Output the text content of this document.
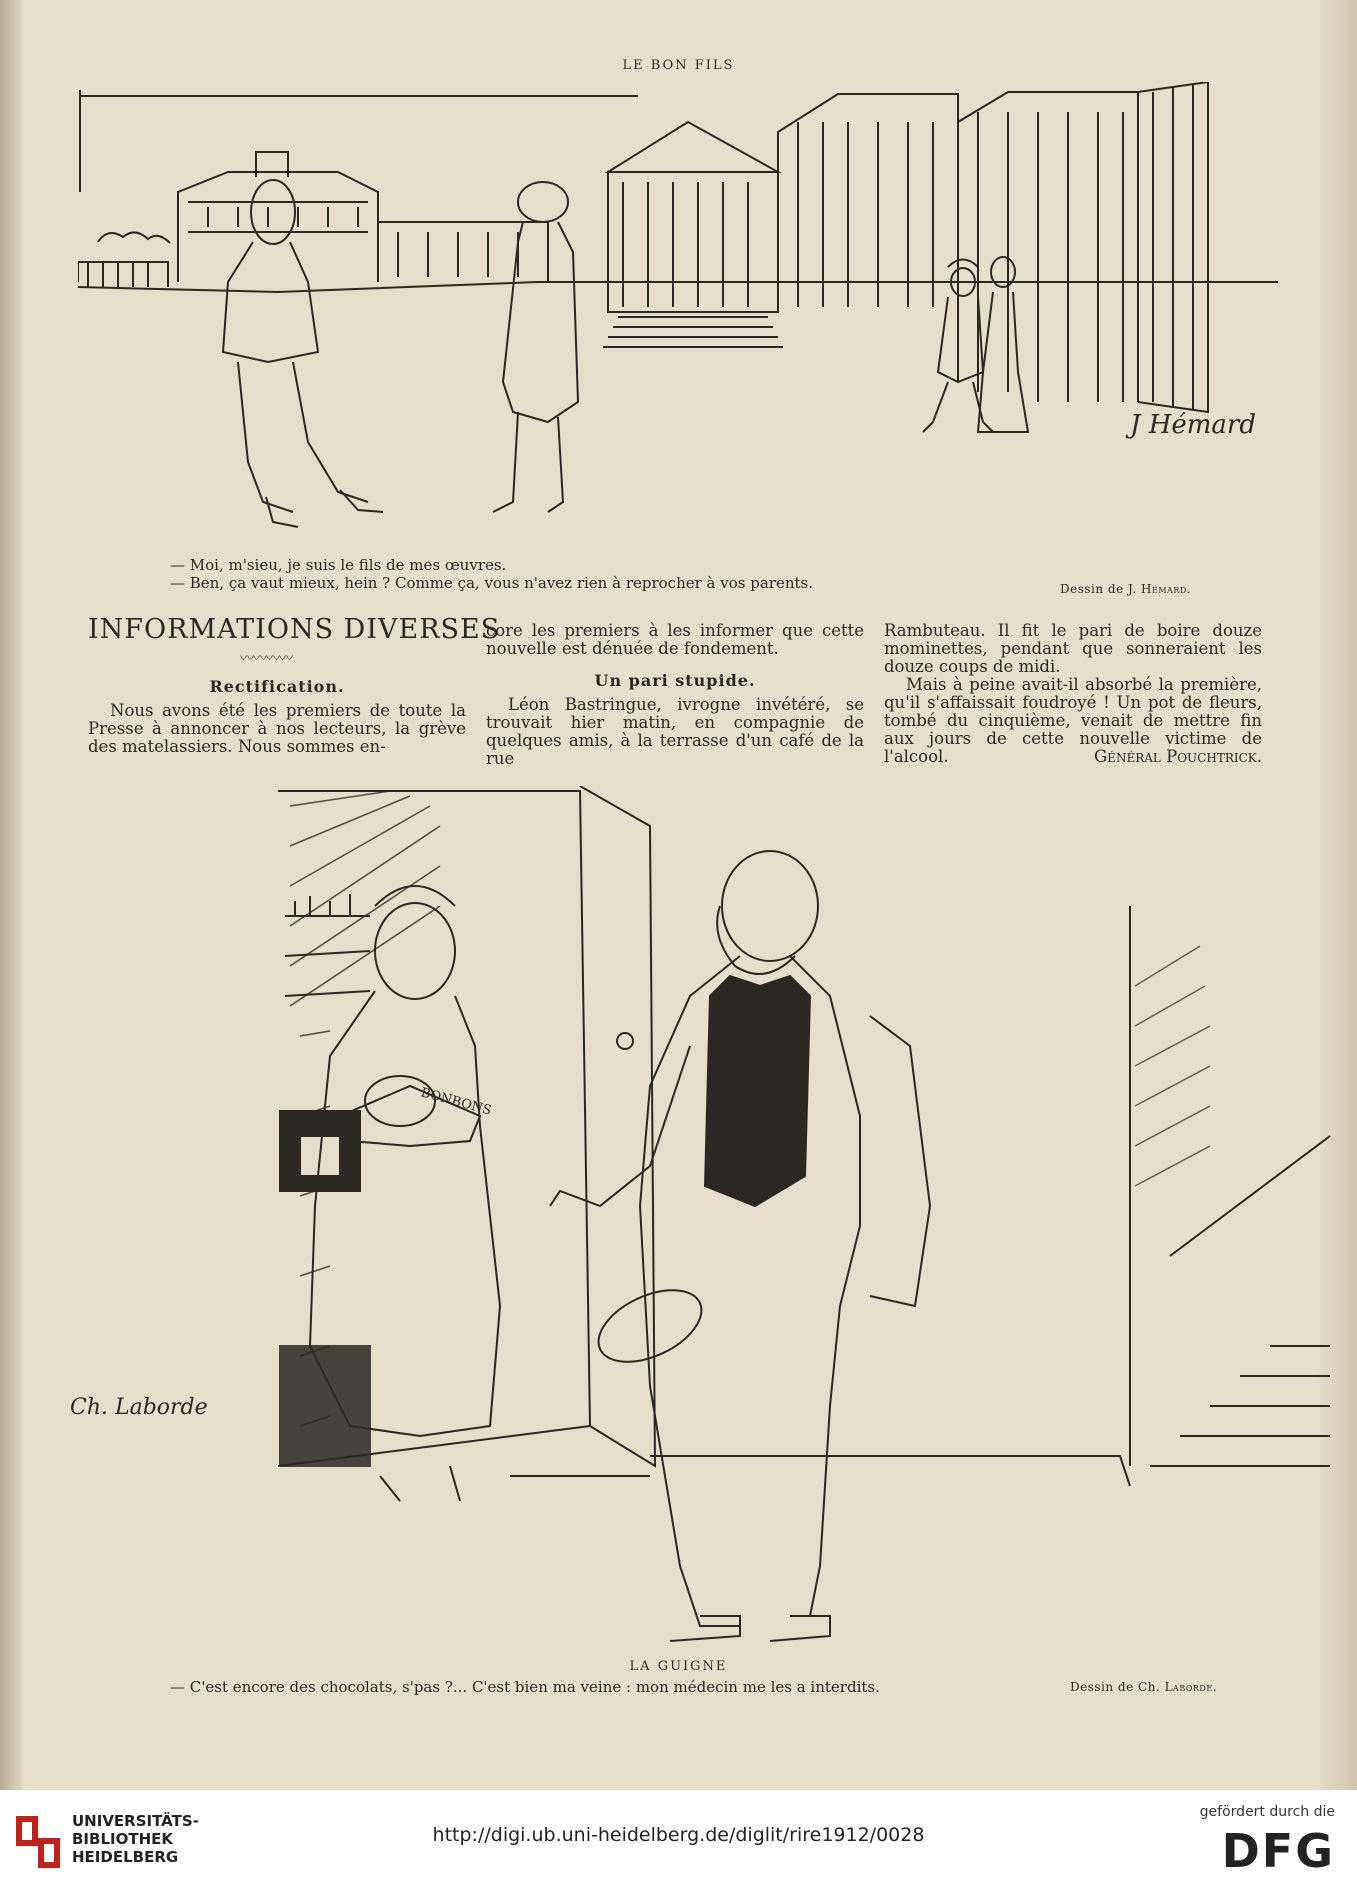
LE BON FILS
J Hémard
— Moi, m'sieu, je suis le fils de mes œuvres.
— Ben, ça vaut mieux, hein ? Comme ça, vous n'avez rien à reprocher à vos parents.	Dessin de J. Hémard.
INFORMATIONS DIVERSES
〰〰〰〰
Rectification.

Nous avons été les premiers de toute la Presse à annoncer à nos lecteurs, la grève des matelassiers. Nous sommes en-

core les premiers à les informer que cette nouvelle est dénuée de fondement.

Un pari stupide.

Léon Bastringue, ivrogne invétéré, se trouvait hier matin, en compagnie de quelques amis, à la terrasse d'un café de la rue

Rambuteau. Il fit le pari de boire douze mominettes, pendant que sonneraient les douze coups de midi.

Mais à peine avait-il absorbé la première, qu'il s'affaissait foudroyé ! Un pot de fleurs, tombé du cinquième, venait de mettre fin aux jours de cette nouvelle victime de l'alcool.	Général Pouchtrick.

BONBONS
Ch. Laborde
LA GUIGNE
— C'est encore des chocolats, s'pas ?... C'est bien ma veine : mon médecin me les a interdits.	Dessin de Ch. Laborde.
UNIVERSITÄTS-
BIBLIOTHEK
HEIDELBERG
http://digi.ub.uni-heidelberg.de/diglit/rire1912/0028
gefördert durch die
DFG
